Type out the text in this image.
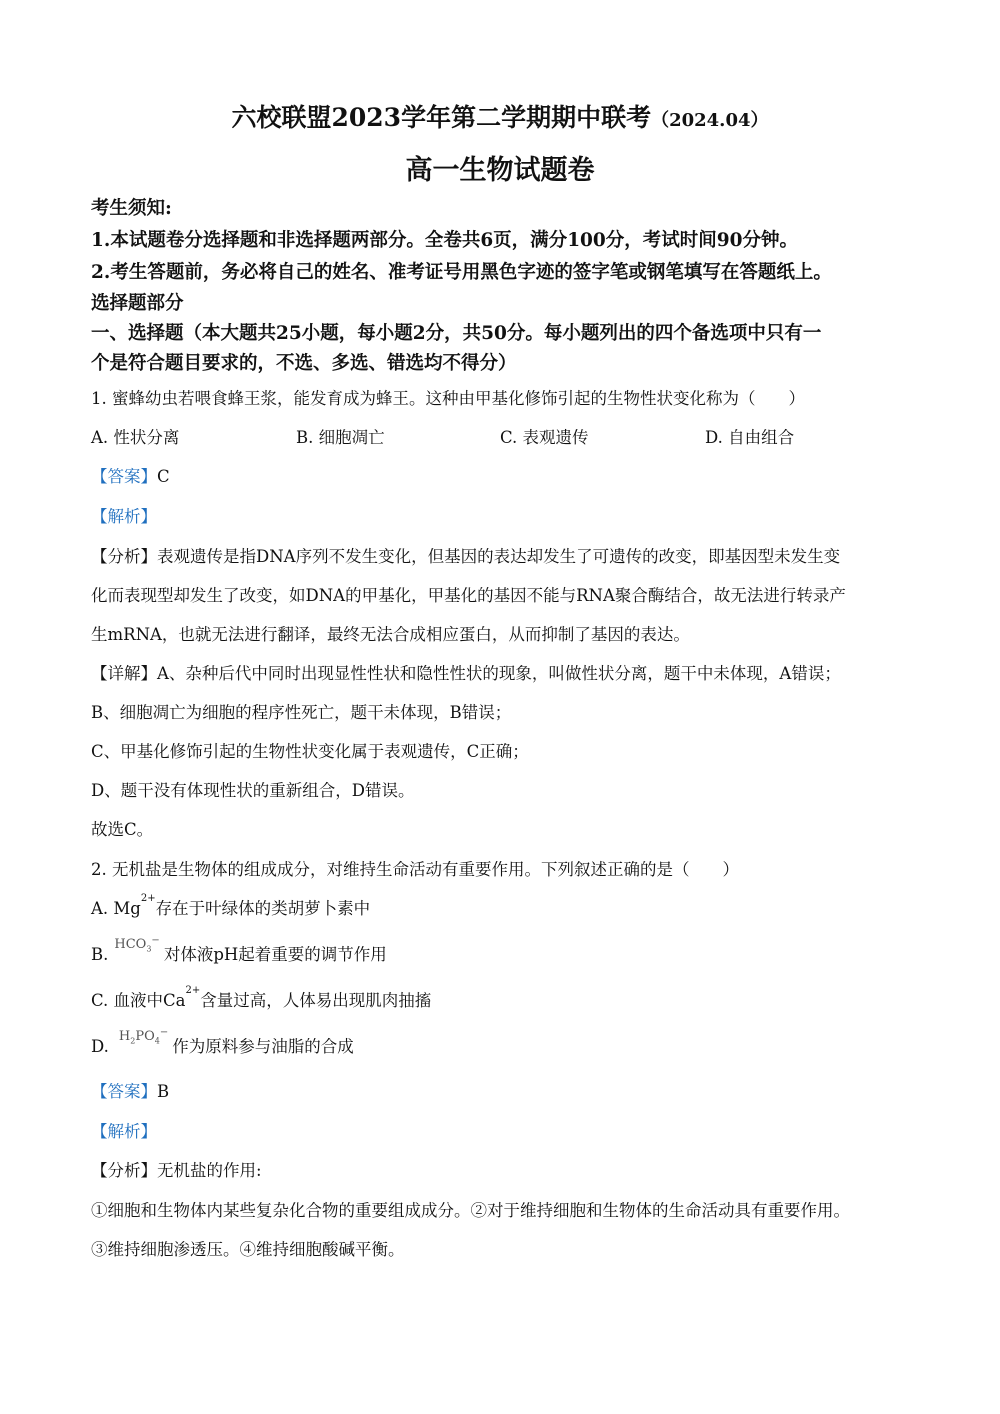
六校联盟2023学年第二学期期中联考（2024.04）
高一生物试题卷
考生须知:
1.本试题卷分选择题和非选择题两部分。全卷共6页，满分100分，考试时间90分钟。
2.考生答题前，务必将自己的姓名、准考证号用黑色字迹的签字笔或钢笔填写在答题纸上。
选择题部分
一、选择题（本大题共25小题，每小题2分，共50分。每小题列出的四个备选项中只有一
个是符合题目要求的，不选、多选、错选均不得分）
1. 蜜蜂幼虫若喂食蜂王浆，能发育成为蜂王。这种由甲基化修饰引起的生物性状变化称为（　　）
A. 性状分离	B. 细胞凋亡	C. 表观遗传	D. 自由组合
【答案】C
【解析】
【分析】表观遗传是指DNA序列不发生变化，但基因的表达却发生了可遗传的改变，即基因型未发生变
化而表现型却发生了改变，如DNA的甲基化，甲基化的基因不能与RNA聚合酶结合，故无法进行转录产
生mRNA，也就无法进行翻译，最终无法合成相应蛋白，从而抑制了基因的表达。
【详解】A、杂种后代中同时出现显性性状和隐性性状的现象，叫做性状分离，题干中未体现，A错误；
B、细胞凋亡为细胞的程序性死亡，题干未体现，B错误；
C、甲基化修饰引起的生物性状变化属于表观遗传，C正确；
D、题干没有体现性状的重新组合，D错误。
故选C。
2. 无机盐是生物体的组成成分，对维持生命活动有重要作用。下列叙述正确的是（　　）
A. $Mg^{2+}$存在于叶绿体的类胡萝卜素中
$B.HCO_3^-$对体液pH起着重要的调节作用
C. 血液中$Ca^{2+}$含量过高，人体易出现肌肉抽搐
$D.H_2PO_4^-$作为原料参与油脂的合成
【答案】B
【解析】
【分析】无机盐的作用:
①细胞和生物体内某些复杂化合物的重要组成成分。②对于维持细胞和生物体的生命活动具有重要作用。
③维持细胞渗透压。④维持细胞酸碱平衡。
